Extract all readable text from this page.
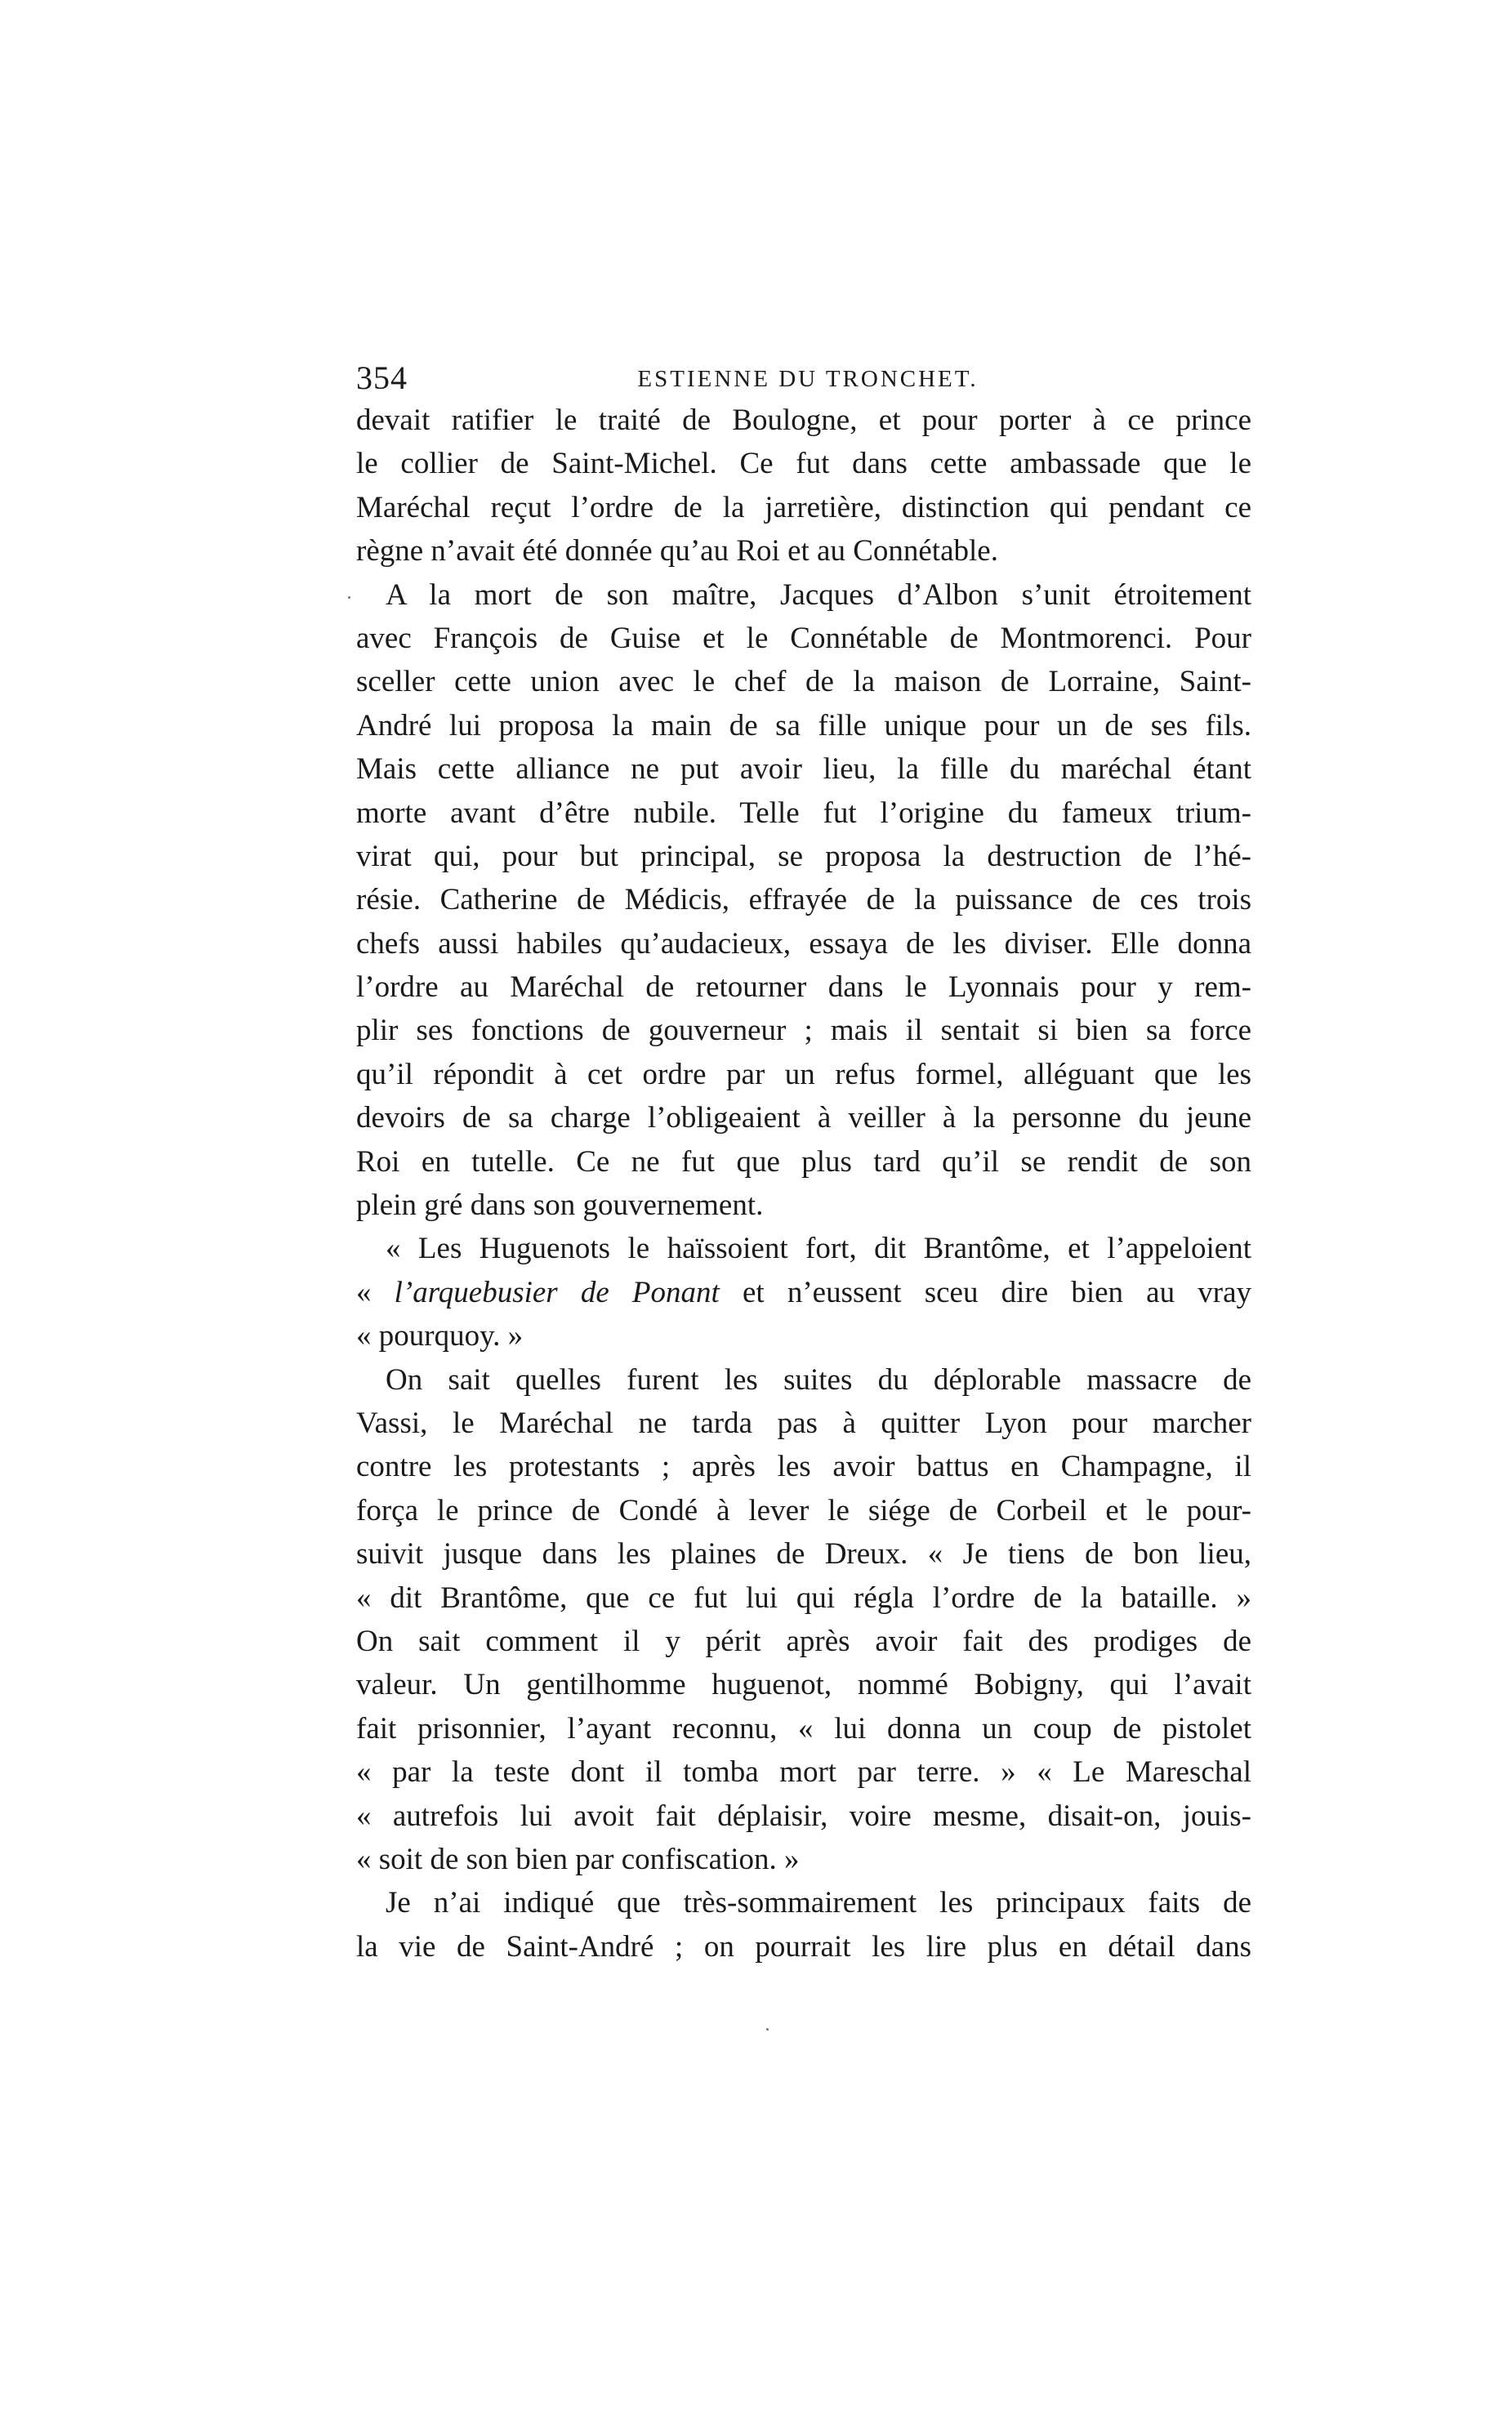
354	ESTIENNE DU TRONCHET.
devait ratifier le traité de Boulogne, et pour porter à ce prince
le collier de Saint-Michel. Ce fut dans cette ambassade que le
Maréchal reçut l’ordre de la jarretière, distinction qui pendant ce
règne n’avait été donnée qu’au Roi et au Connétable.
A la mort de son maître, Jacques d’Albon s’unit étroitement
avec François de Guise et le Connétable de Montmorenci. Pour
sceller cette union avec le chef de la maison de Lorraine, Saint-
André lui proposa la main de sa fille unique pour un de ses fils.
Mais cette alliance ne put avoir lieu, la fille du maréchal étant
morte avant d’être nubile. Telle fut l’origine du fameux trium-
virat qui, pour but principal, se proposa la destruction de l’hé-
résie. Catherine de Médicis, effrayée de la puissance de ces trois
chefs aussi habiles qu’audacieux, essaya de les diviser. Elle donna
l’ordre au Maréchal de retourner dans le Lyonnais pour y rem-
plir ses fonctions de gouverneur ; mais il sentait si bien sa force
qu’il répondit à cet ordre par un refus formel, alléguant que les
devoirs de sa charge l’obligeaient à veiller à la personne du jeune
Roi en tutelle. Ce ne fut que plus tard qu’il se rendit de son
plein gré dans son gouvernement.
« Les Huguenots le haïssoient fort, dit Brantôme, et l’appeloient
« l’arquebusier de Ponant et n’eussent sceu dire bien au vray
« pourquoy. »
On sait quelles furent les suites du déplorable massacre de
Vassi, le Maréchal ne tarda pas à quitter Lyon pour marcher
contre les protestants ; après les avoir battus en Champagne, il
força le prince de Condé à lever le siége de Corbeil et le pour-
suivit jusque dans les plaines de Dreux. « Je tiens de bon lieu,
« dit Brantôme, que ce fut lui qui régla l’ordre de la bataille. »
On sait comment il y périt après avoir fait des prodiges de
valeur. Un gentilhomme huguenot, nommé Bobigny, qui l’avait
fait prisonnier, l’ayant reconnu, « lui donna un coup de pistolet
« par la teste dont il tomba mort par terre. » « Le Mareschal
« autrefois lui avoit fait déplaisir, voire mesme, disait-on, jouis-
« soit de son bien par confiscation. »
Je n’ai indiqué que très-sommairement les principaux faits de
la vie de Saint-André ; on pourrait les lire plus en détail dans
